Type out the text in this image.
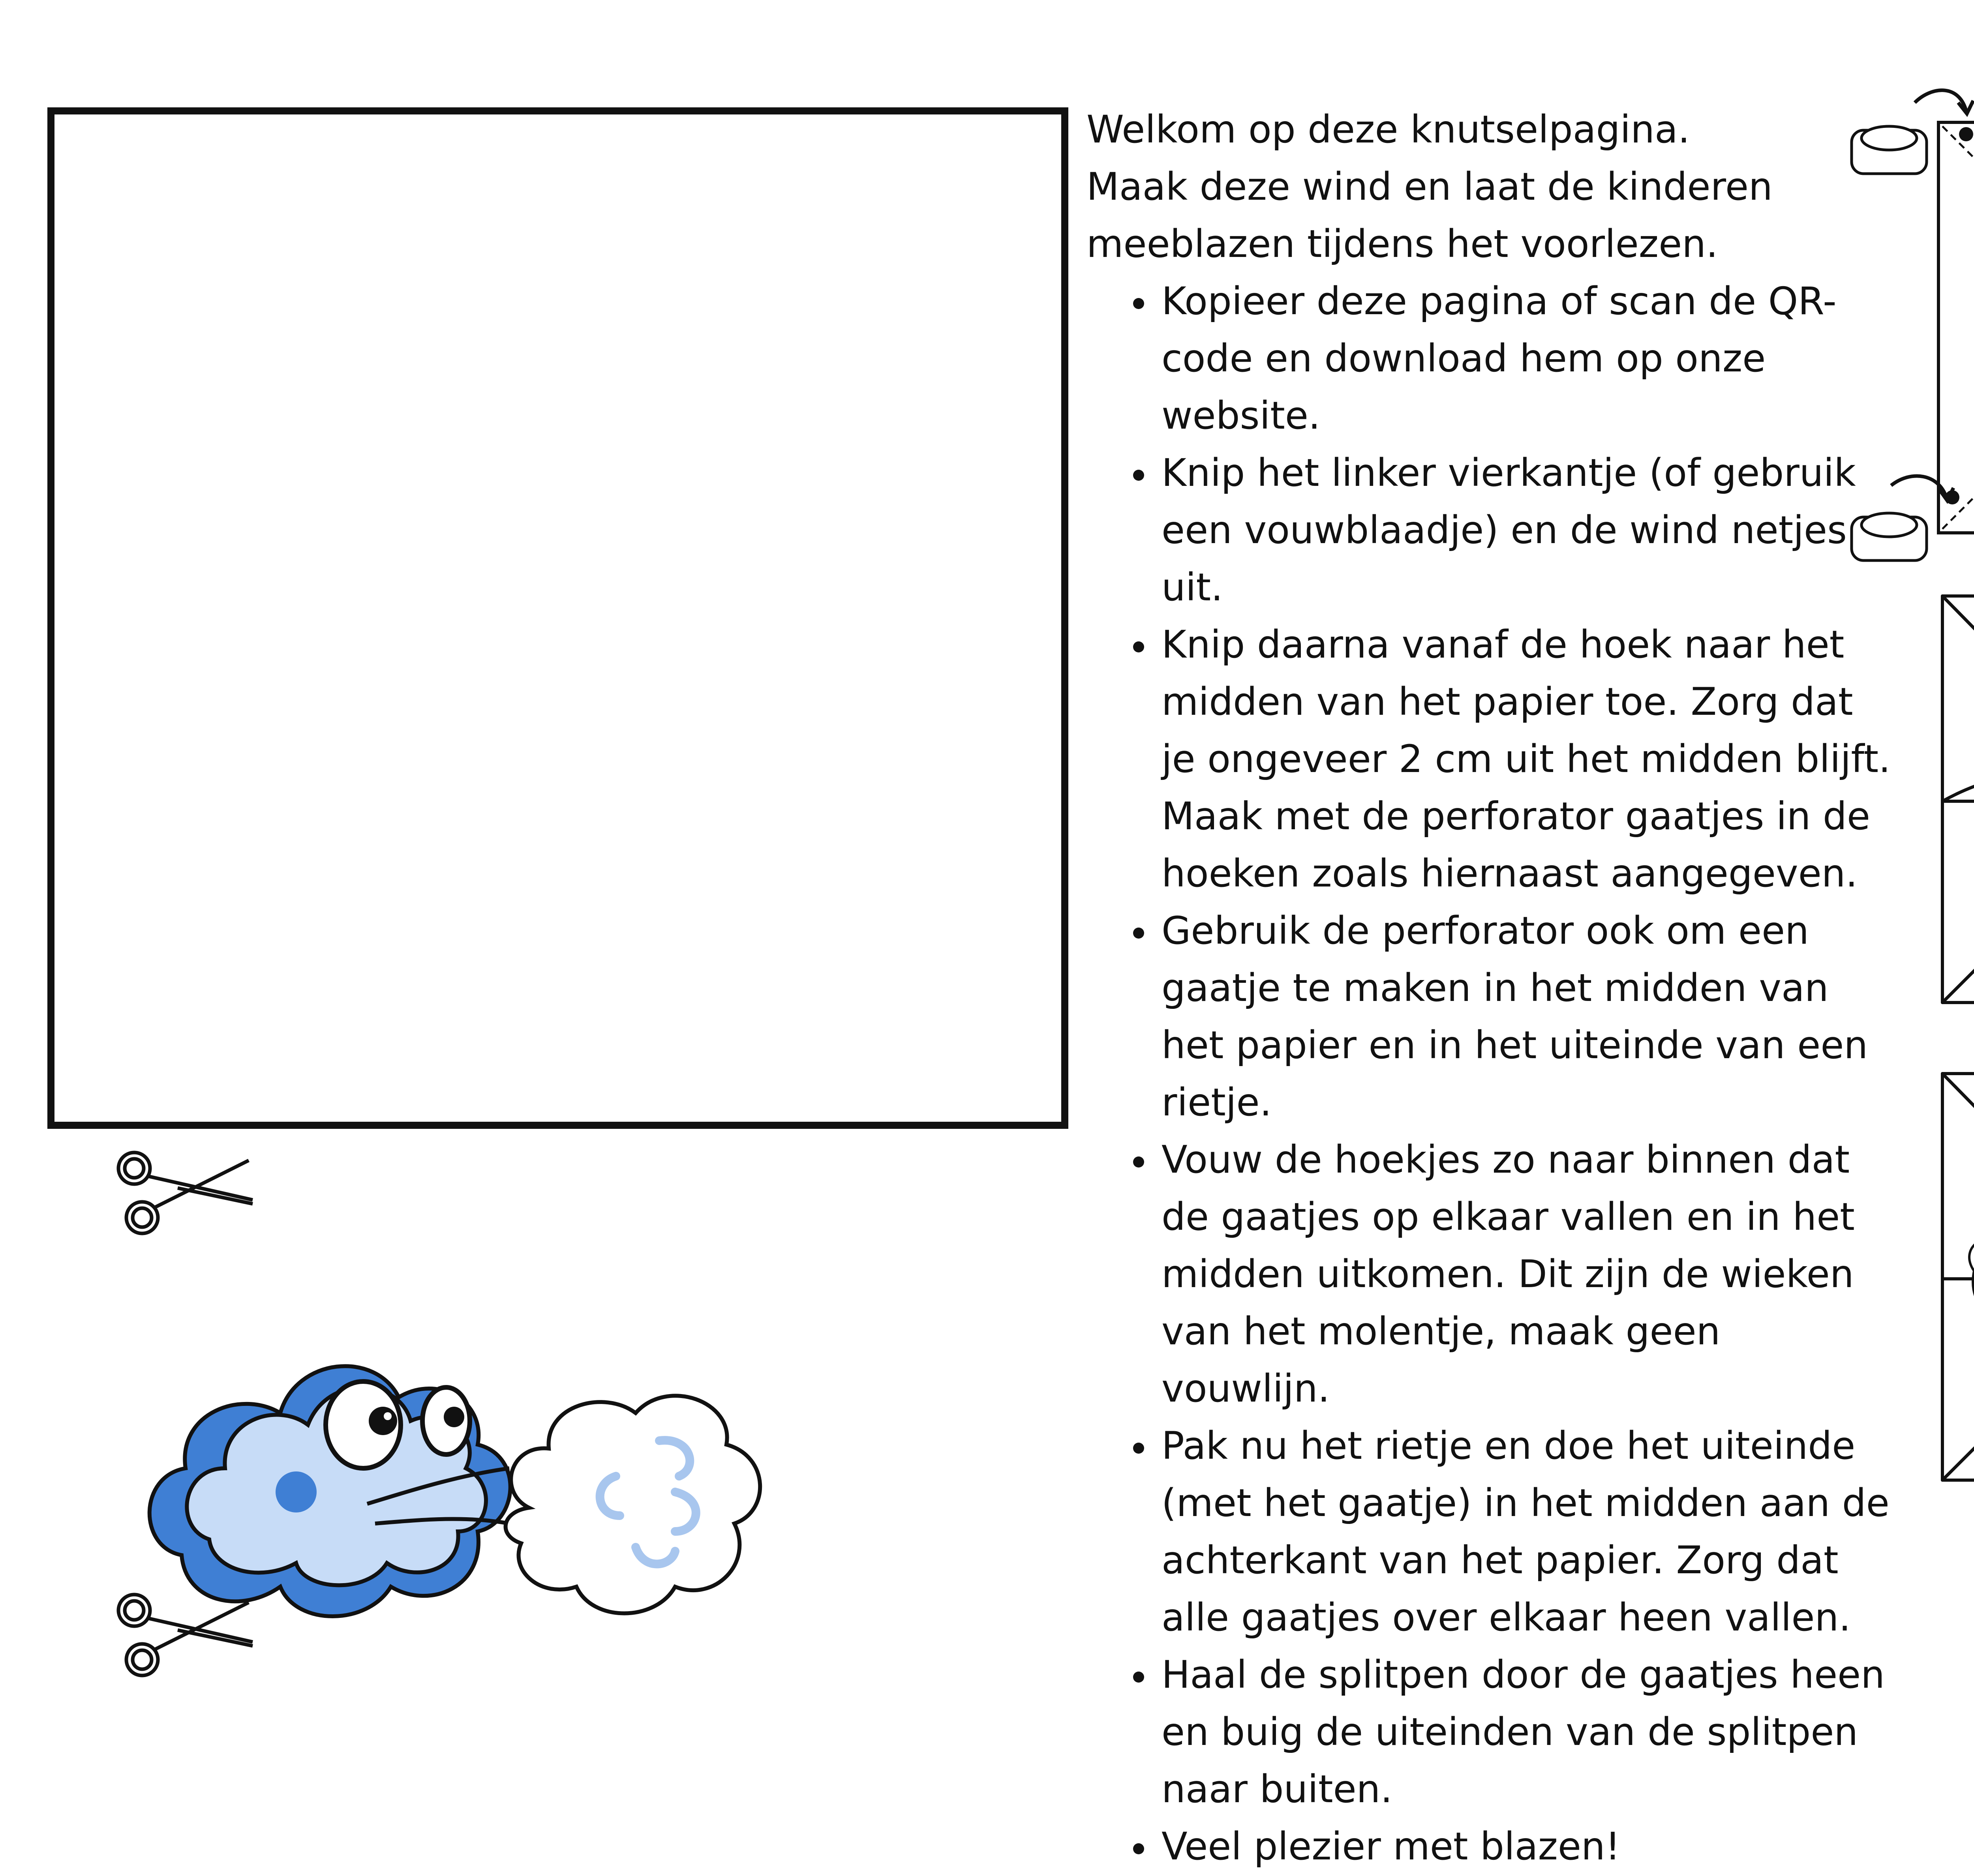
Welkom op deze knutselpagina.

Maak deze wind en laat de kinderen

meeblazen tijdens het voorlezen.

• Kopieer deze pagina of scan de QR-code en download hem op onze website.
• Knip het linker vierkantje (of gebruik een vouwblaadje) en de wind netjes uit.
• Knip daarna vanaf de hoek naar het midden van het papier toe. Zorg dat je ongeveer 2 cm uit het midden blijft. Maak met de perforator gaatjes in de hoeken zoals hiernaast aangegeven.
• Gebruik de perforator ook om een gaatje te maken in het midden van het papier en in het uiteinde van een rietje.
• Vouw de hoekjes zo naar binnen dat de gaatjes op elkaar vallen en in het midden uitkomen. Dit zijn de wieken van het molentje, maak geen vouwlijn.
• Pak nu het rietje en doe het uiteinde (met het gaatje) in het midden aan de achterkant van het papier. Zorg dat alle gaatjes over elkaar heen vallen.
• Haal de splitpen door de gaatjes heen en buig de uiteinden van de splitpen naar buiten.
• Veel plezier met blazen!
